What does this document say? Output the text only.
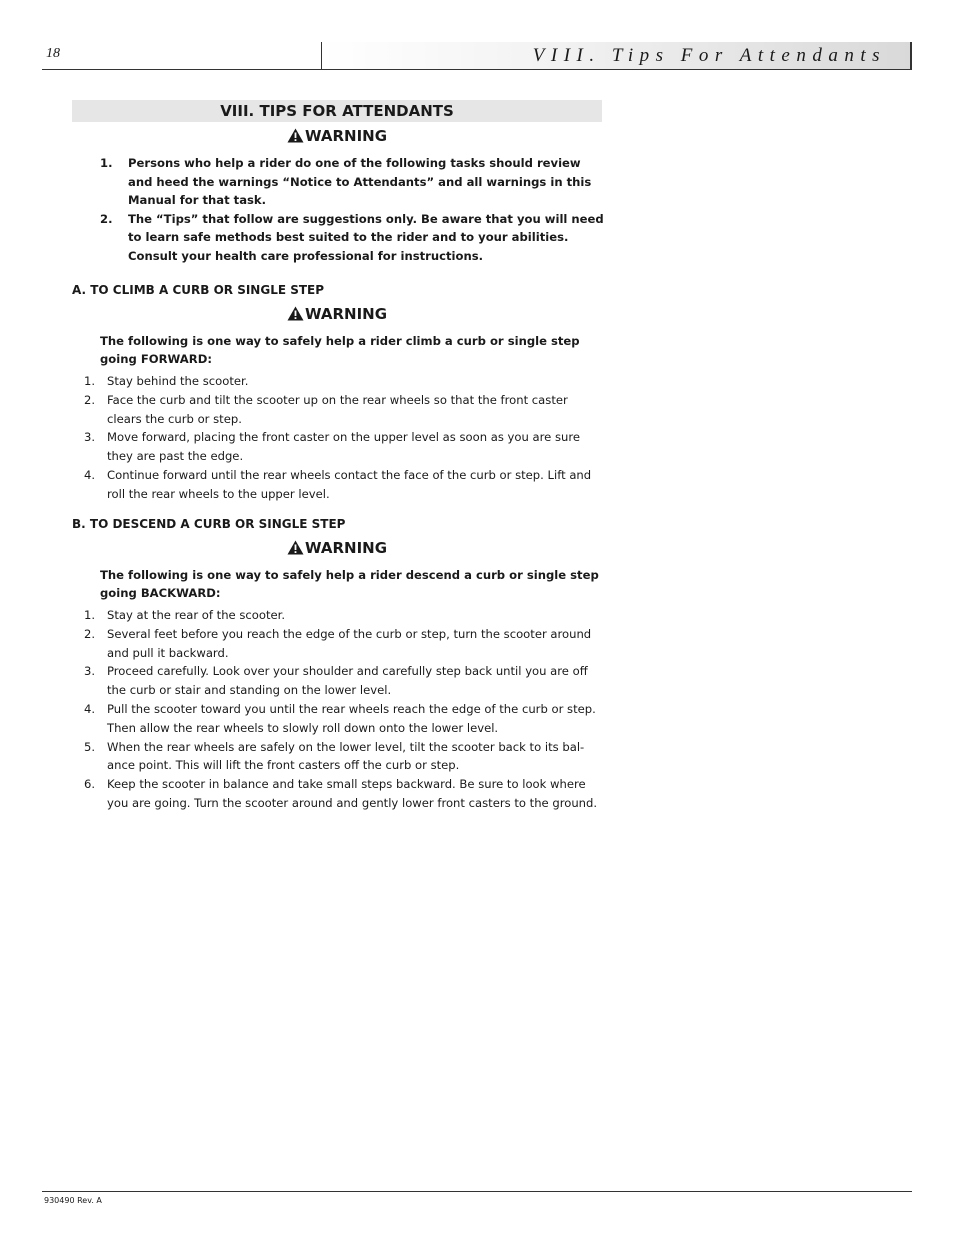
18	VIII. Tips For Attendants
VIII. TIPS FOR ATTENDANTS
WARNING
1. Persons who help a rider do one of the following tasks should review and heed the warnings “Notice to Attendants” and all warnings in this Manual for that task.
2. The “Tips” that follow are suggestions only. Be aware that you will need to learn safe methods best suited to the rider and to your abilities. Consult your health care professional for instructions.
A. TO CLIMB A CURB OR SINGLE STEP
WARNING
The following is one way to safely help a rider climb a curb or single step going FORWARD:
1. Stay behind the scooter.
2. Face the curb and tilt the scooter up on the rear wheels so that the front caster clears the curb or step.
3. Move forward, placing the front caster on the upper level as soon as you are sure they are past the edge.
4. Continue forward until the rear wheels contact the face of the curb or step. Lift and roll the rear wheels to the upper level.
B. TO DESCEND A CURB OR SINGLE STEP
WARNING
The following is one way to safely help a rider descend a curb or single step going BACKWARD:
1. Stay at the rear of the scooter.
2. Several feet before you reach the edge of the curb or step, turn the scooter around and pull it backward.
3. Proceed carefully. Look over your shoulder and carefully step back until you are off the curb or stair and standing on the lower level.
4. Pull the scooter toward you until the rear wheels reach the edge of the curb or step. Then allow the rear wheels to slowly roll down onto the lower level.
5. When the rear wheels are safely on the lower level, tilt the scooter back to its bal-ance point. This will lift the front casters off the curb or step.
6. Keep the scooter in balance and take small steps backward. Be sure to look where you are going. Turn the scooter around and gently lower front casters to the ground.
930490 Rev. A
